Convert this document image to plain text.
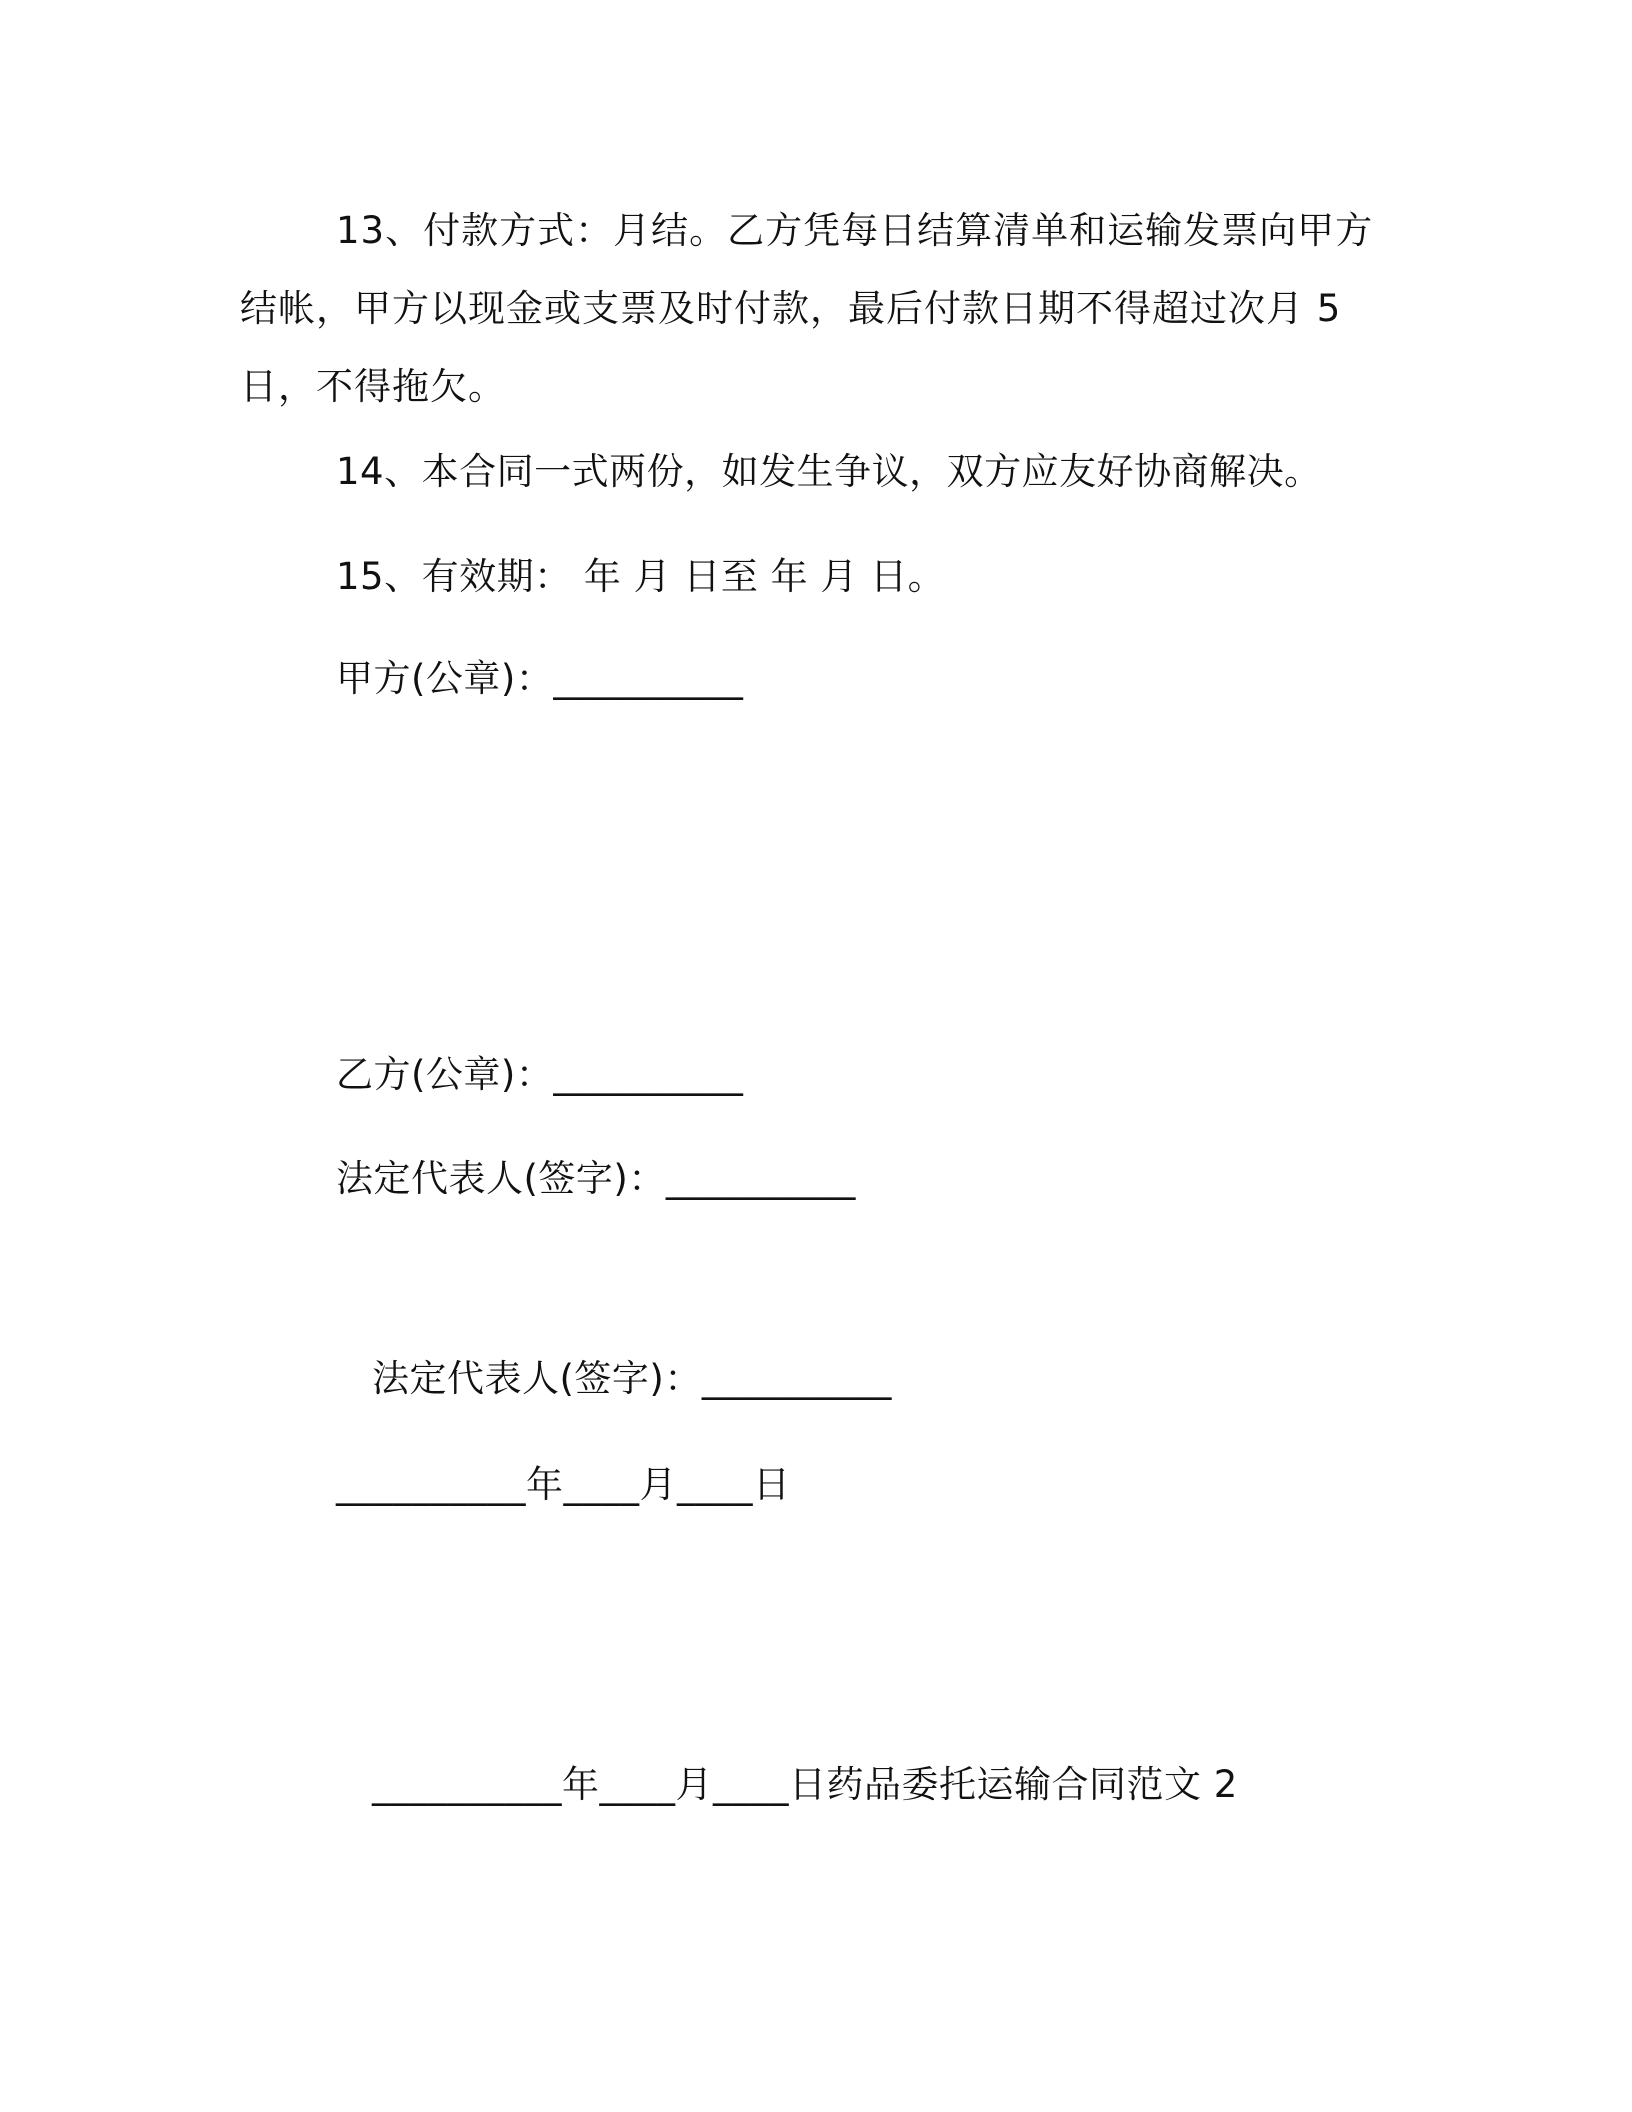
13、付款方式：月结。乙方凭每日结算清单和运输发票向甲方结帐，甲方以现金或支票及时付款，最后付款日期不得超过次月 5 日，不得拖欠。

14、本合同一式两份，如发生争议，双方应友好协商解决。

15、有效期： 年 月 日至 年 月 日。

甲方(公章)：__________

乙方(公章)：__________

法定代表人(签字)：__________

法定代表人(签字)：__________

__________年____月____日

__________年____月____日药品委托运输合同范文 2
